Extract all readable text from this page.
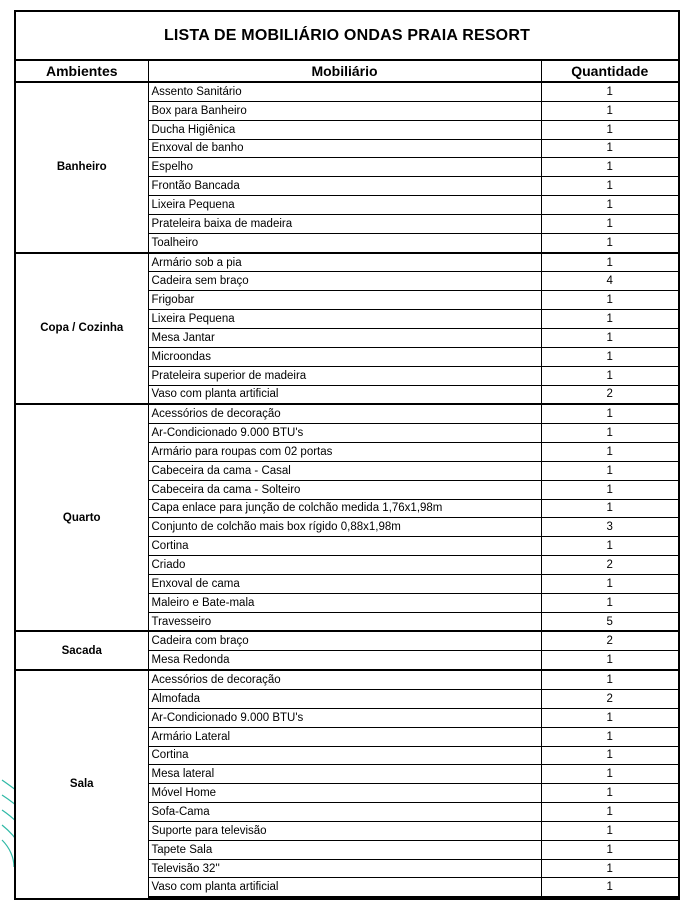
LISTA DE MOBILIÁRIO ONDAS PRAIA RESORT
Ambientes	Mobiliário	Quantidade
Banheiro	Assento Sanitário	1
	Box para Banheiro	1
	Ducha Higiênica	1
	Enxoval de banho	1
	Espelho	1
	Frontão Bancada	1
	Lixeira Pequena	1
	Prateleira baixa de madeira	1
	Toalheiro	1
Copa / Cozinha	Armário sob a pia	1
	Cadeira sem braço	4
	Frigobar	1
	Lixeira Pequena	1
	Mesa Jantar	1
	Microondas	1
	Prateleira superior de madeira	1
	Vaso com planta artificial	2
Quarto	Acessórios de decoração	1
	Ar-Condicionado 9.000 BTU's	1
	Armário para roupas com 02 portas	1
	Cabeceira da cama - Casal	1
	Cabeceira da cama - Solteiro	1
	Capa enlace para junção de colchão medida 1,76x1,98m	1
	Conjunto de colchão mais box rígido 0,88x1,98m	3
	Cortina	1
	Criado	2
	Enxoval de cama	1
	Maleiro e Bate-mala	1
	Travesseiro	5
Sacada	Cadeira com braço	2
	Mesa Redonda	1
Sala	Acessórios de decoração	1
	Almofada	2
	Ar-Condicionado 9.000 BTU's	1
	Armário Lateral	1
	Cortina	1
	Mesa lateral	1
	Móvel Home	1
	Sofa-Cama	1
	Suporte para televisão	1
	Tapete Sala	1
	Televisão 32''	1
	Vaso com planta artificial	1
